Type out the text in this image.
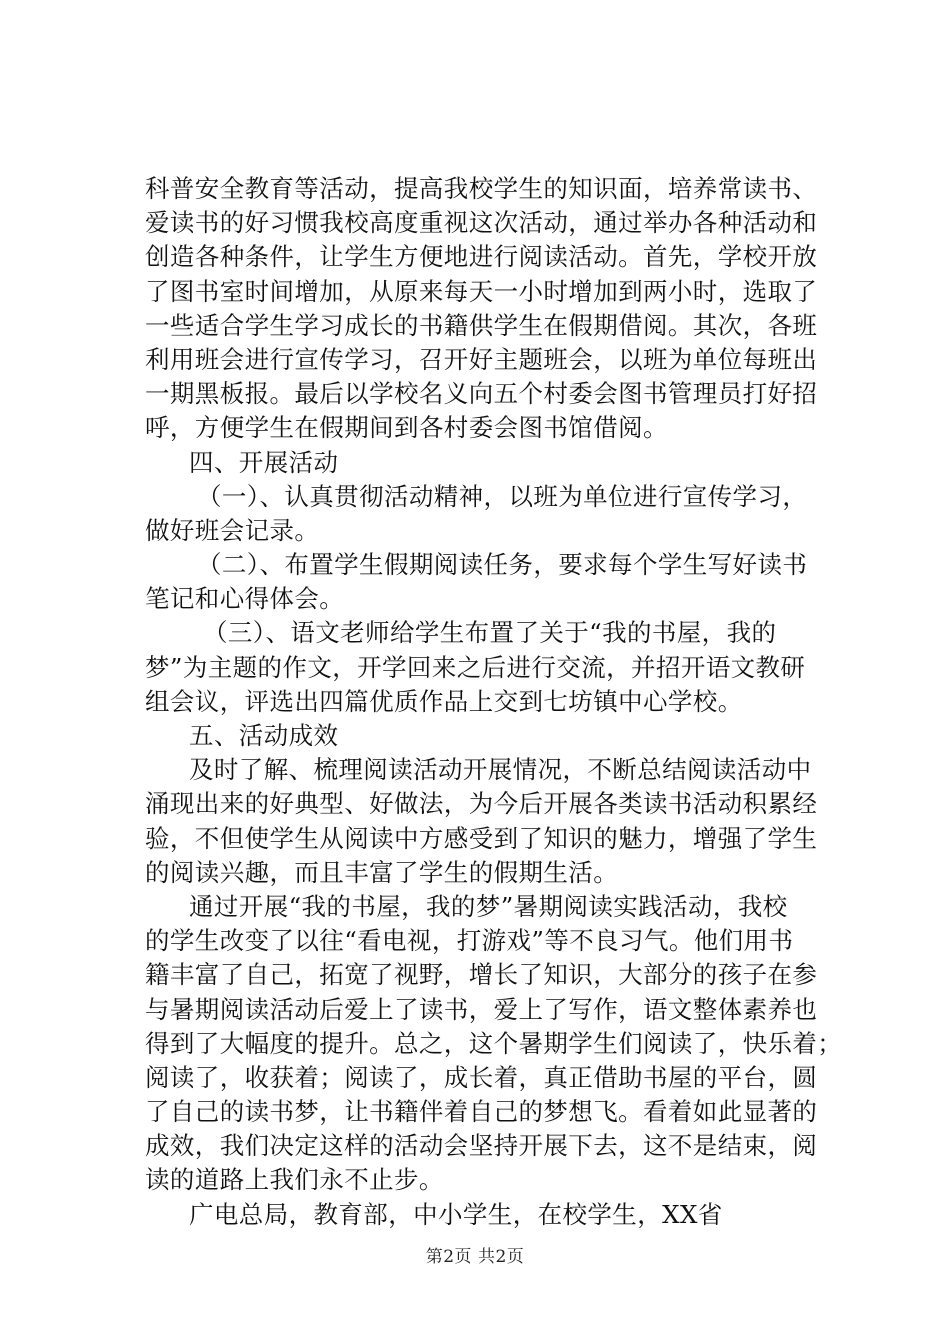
科普安全教育等活动，提高我校学生的知识面，培养常读书、
爱读书的好习惯我校高度重视这次活动，通过举办各种活动和
创造各种条件，让学生方便地进行阅读活动。首先，学校开放
了图书室时间增加，从原来每天一小时增加到两小时，选取了
一些适合学生学习成长的书籍供学生在假期借阅。其次，各班
利用班会进行宣传学习，召开好主题班会，以班为单位每班出
一期黑板报。最后以学校名义向五个村委会图书管理员打好招
呼，方便学生在假期间到各村委会图书馆借阅。
四、开展活动
（一）、认真贯彻活动精神，以班为单位进行宣传学习，
做好班会记录。
（二）、布置学生假期阅读任务，要求每个学生写好读书
笔记和心得体会。
（三）、语文老师给学生布置了关于“我的书屋，我的
梦”为主题的作文，开学回来之后进行交流，并招开语文教研
组会议，评选出四篇优质作品上交到七坊镇中心学校。
五、活动成效
及时了解、梳理阅读活动开展情况，不断总结阅读活动中
涌现出来的好典型、好做法，为今后开展各类读书活动积累经
验，不但使学生从阅读中方感受到了知识的魅力，增强了学生
的阅读兴趣，而且丰富了学生的假期生活。
通过开展“我的书屋，我的梦”暑期阅读实践活动，我校
的学生改变了以往“看电视，打游戏”等不良习气。他们用书
籍丰富了自己，拓宽了视野，增长了知识，大部分的孩子在参
与暑期阅读活动后爱上了读书，爱上了写作，语文整体素养也
得到了大幅度的提升。总之，这个暑期学生们阅读了，快乐着；
阅读了，收获着；阅读了，成长着，真正借助书屋的平台，圆
了自己的读书梦，让书籍伴着自己的梦想飞。看着如此显著的
成效，我们决定这样的活动会坚持开展下去，这不是结束，阅
读的道路上我们永不止步。
广电总局，教育部，中小学生，在校学生，XX省
第2页 共2页
